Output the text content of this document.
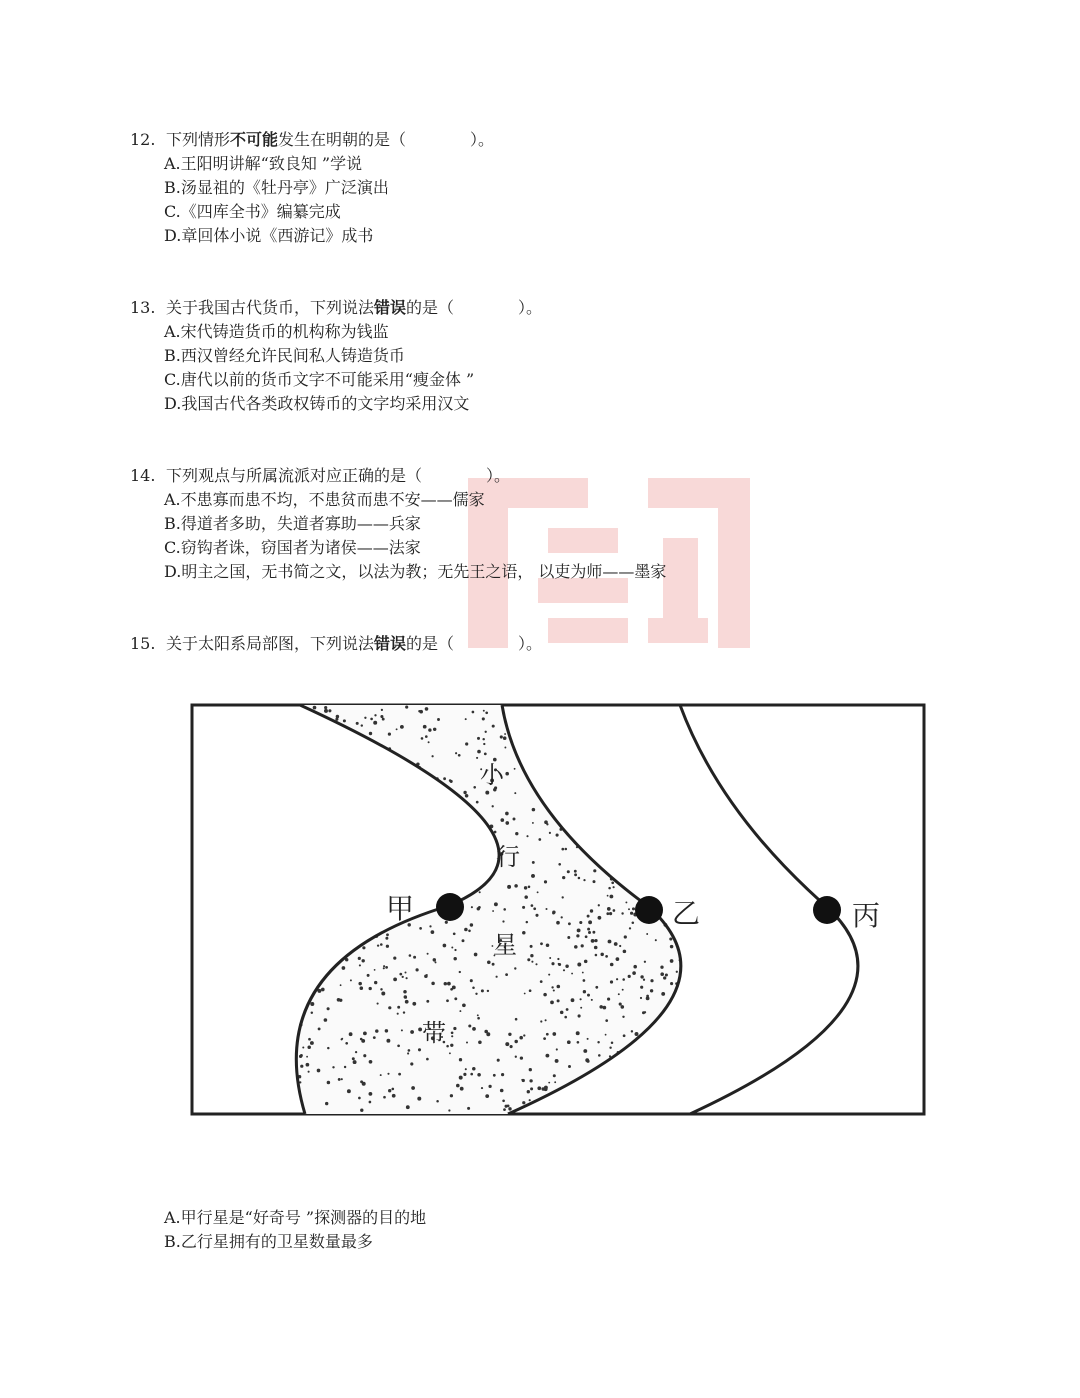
12. 下列情形不可能发生在明朝的是（　　　　）。
A.王阳明讲解“致良知 ”学说
B.汤显祖的《牡丹亭》广泛演出
C.《四库全书》编纂完成
D.章回体小说《西游记》成书
13. 关于我国古代货币，下列说法错误的是（　　　　）。
A.宋代铸造货币的机构称为钱监
B.西汉曾经允许民间私人铸造货币
C.唐代以前的货币文字不可能采用“瘦金体 ”
D.我国古代各类政权铸币的文字均采用汉文
14. 下列观点与所属流派对应正确的是（　　　　）。
A.不患寡而患不均，不患贫而患不安——儒家
B.得道者多助，失道者寡助——兵家
C.窃钩者诛，窃国者为诸侯——法家
D.明主之国，无书简之文，以法为教；无先王之语， 以吏为师——墨家
15. 关于太阳系局部图，下列说法错误的是（　　　　）。
甲	乙	丙
小
行
星
带
A.甲行星是“好奇号 ”探测器的目的地
B.乙行星拥有的卫星数量最多
